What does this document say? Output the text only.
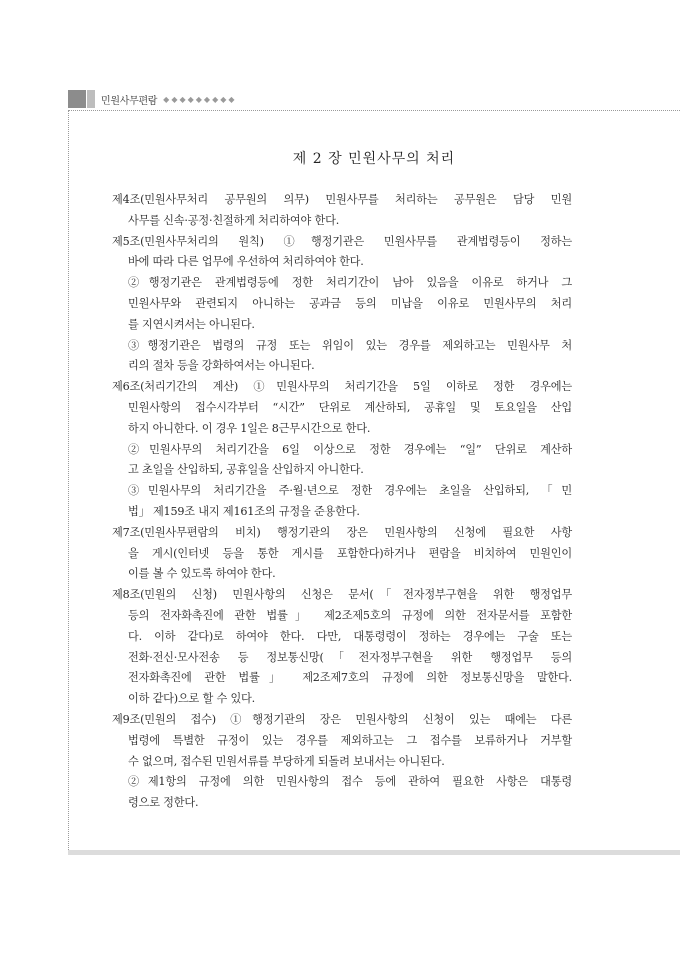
민원사무편람 ◆◆◆◆◆◆◆◆◆
제 2 장 민원사무의 처리
제4조(민원사무처리 공무원의 의무) 민원사무를 처리하는 공무원은 담당 민원
사무를 신속·공정·친절하게 처리하여야 한다.
제5조(민원사무처리의 원칙) ①행정기관은 민원사무를 관계법령등이 정하는
바에 따라 다른 업무에 우선하여 처리하여야 한다.
②행정기관은 관계법령등에 정한 처리기간이 남아 있음을 이유로 하거나 그
민원사무와 관련되지 아니하는 공과금 등의 미납을 이유로 민원사무의 처리
를 지연시켜서는 아니된다.
③행정기관은 법령의 규정 또는 위임이 있는 경우를 제외하고는 민원사무 처
리의 절차 등을 강화하여서는 아니된다.
제6조(처리기간의 계산) ①민원사무의 처리기간을 5일 이하로 정한 경우에는
민원사항의 접수시각부터 “시간” 단위로 계산하되, 공휴일 및 토요일을 산입
하지 아니한다. 이 경우 1일은 8근무시간으로 한다.
②민원사무의 처리기간을 6일 이상으로 정한 경우에는 “일” 단위로 계산하
고 초일을 산입하되, 공휴일을 산입하지 아니한다.
③민원사무의 처리기간을 주·월·년으로 정한 경우에는 초일을 산입하되, 「민
법」 제159조 내지 제161조의 규정을 준용한다.
제7조(민원사무편람의 비치) 행정기관의 장은 민원사항의 신청에 필요한 사항
을 게시(인터넷 등을 통한 게시를 포함한다)하거나 편람을 비치하여 민원인이
이를 볼 수 있도록 하여야 한다.
제8조(민원의 신청) 민원사항의 신청은 문서(「전자정부구현을 위한 행정업무
등의 전자화촉진에 관한 법률」 제2조제5호의 규정에 의한 전자문서를 포함한
다. 이하 같다)로 하여야 한다. 다만, 대통령령이 정하는 경우에는 구술 또는
전화·전신·모사전송 등 정보통신망(「전자정부구현을 위한 행정업무 등의
전자화촉진에 관한 법률」 제2조제7호의 규정에 의한 정보통신망을 말한다.
이하 같다)으로 할 수 있다.
제9조(민원의 접수) ①행정기관의 장은 민원사항의 신청이 있는 때에는 다른
법령에 특별한 규정이 있는 경우를 제외하고는 그 접수를 보류하거나 거부할
수 없으며, 접수된 민원서류를 부당하게 되돌려 보내서는 아니된다.
②제1항의 규정에 의한 민원사항의 접수 등에 관하여 필요한 사항은 대통령
령으로 정한다.
